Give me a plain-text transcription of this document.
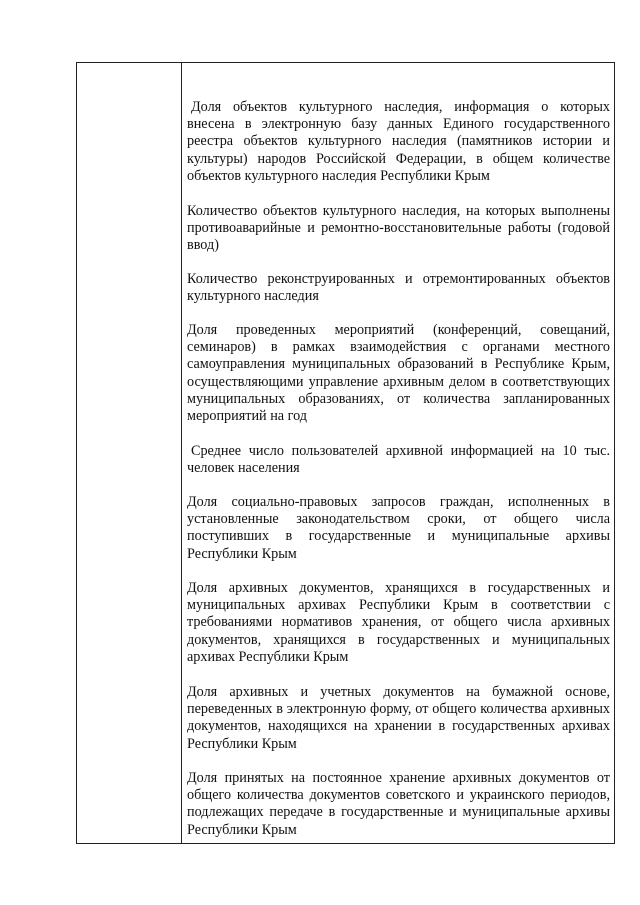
Доля объектов культурного наследия, информация о которых внесена в электронную базу данных Единого государственного реестра объектов культурного наследия (памятников истории и культуры) народов Российской Федерации, в общем количестве объектов культурного наследия Республики Крым

Количество объектов культурного наследия, на которых выполнены противоаварийные и ремонтно-восстановительные работы (годовой ввод)

Количество реконструированных и отремонтированных объектов культурного наследия

Доля проведенных мероприятий (конференций, совещаний, семинаров) в рамках взаимодействия с органами местного самоуправления муниципальных образований в Республике Крым, осуществляющими управление архивным делом в соответствующих муниципальных образованиях, от количества запланированных мероприятий на год

Среднее число пользователей архивной информацией на 10 тыс. человек населения

Доля социально-правовых запросов граждан, исполненных в установленные законодательством сроки, от общего числа поступивших в государственные и муниципальные архивы Республики Крым

Доля архивных документов, хранящихся в государственных и муниципальных архивах Республики Крым в соответствии с требованиями нормативов хранения, от общего числа архивных документов, хранящихся в государственных и муниципальных архивах Республики Крым

Доля архивных и учетных документов на бумажной основе, переведенных в электронную форму, от общего количества архивных документов, находящихся на хранении в государственных архивах Республики Крым

Доля принятых на постоянное хранение архивных документов от общего количества документов советского и украинского периодов, подлежащих передаче в государственные и муниципальные архивы Республики Крым
